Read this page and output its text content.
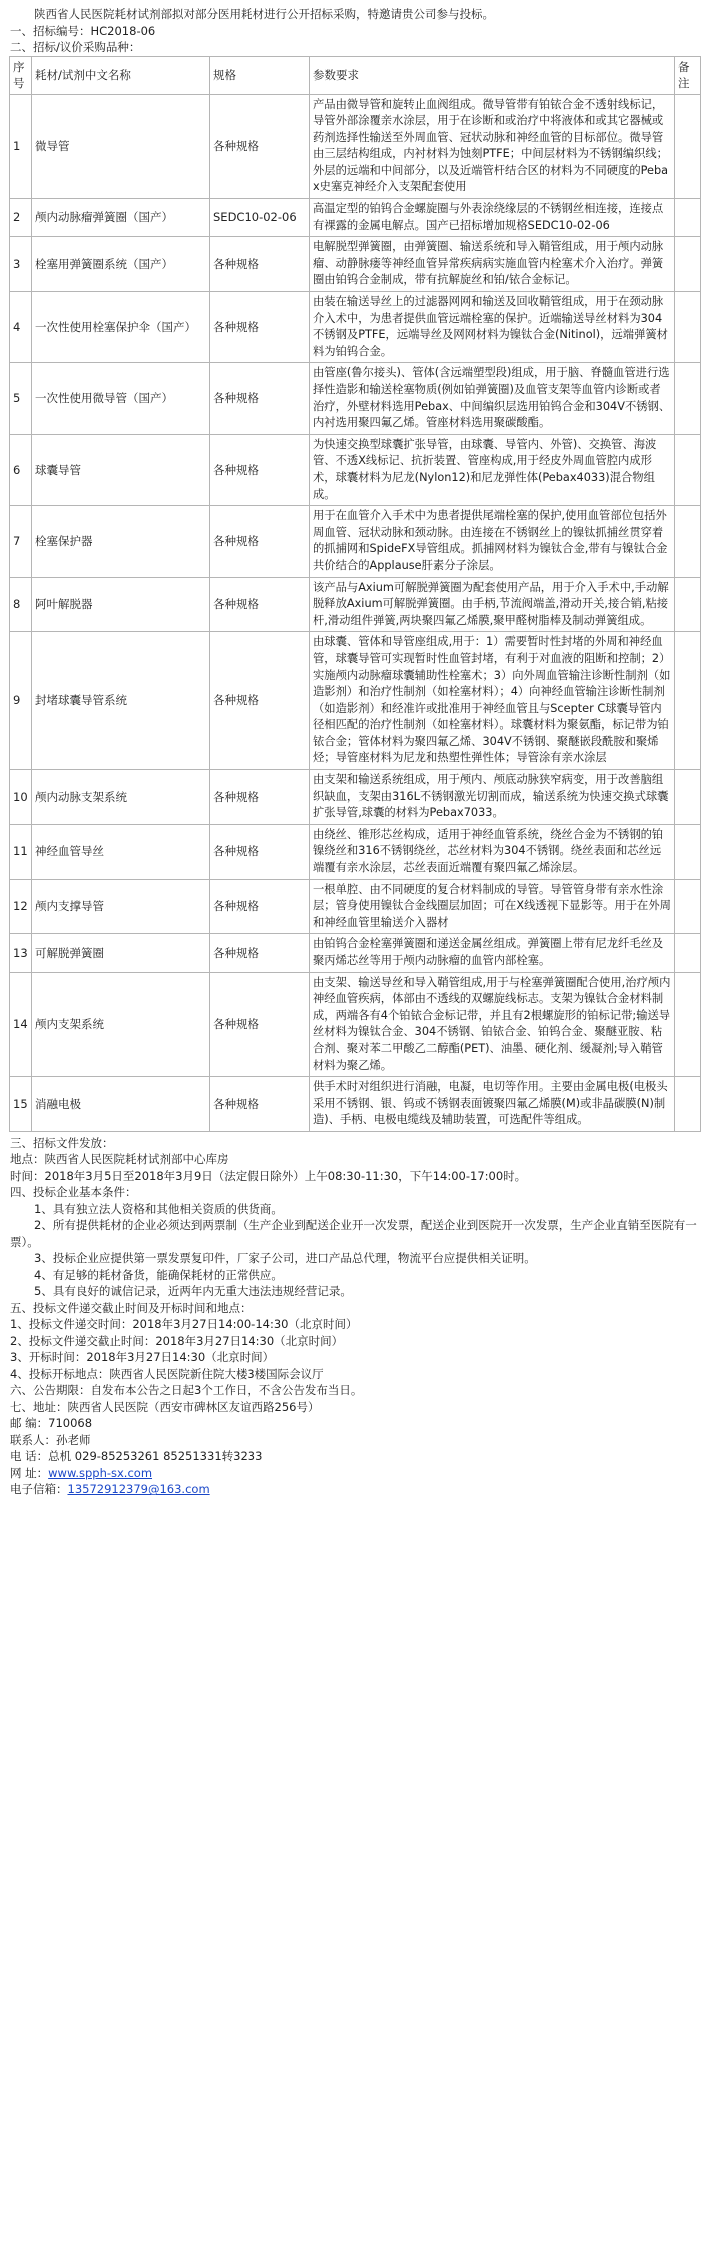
陕西省人民医院耗材试剂部拟对部分医用耗材进行公开招标采购，特邀请贵公司参与投标。
一、招标编号：HC2018-06
二、招标/议价采购品种：
序号	耗材/试剂中文名称	规格	参数要求	备注
1	微导管	各种规格	产品由微导管和旋转止血阀组成。微导管带有铂铱合金不透射线标记，导管外部涂覆亲水涂层，用于在诊断和或治疗中将液体和或其它器械或药剂选择性输送至外周血管、冠状动脉和神经血管的目标部位。微导管由三层结构组成，内衬材料为蚀刻PTFE；中间层材料为不锈钢编织线；外层的远端和中间部分，以及近端管杆结合区的材料为不同硬度的Pebax史塞克神经介入支架配套使用	
2	颅内动脉瘤弹簧圈（国产）	SEDC10-02-06	高温定型的铂钨合金螺旋圈与外表涂绕缘层的不锈钢丝相连接，连接点有裸露的金属电解点。国产已招标增加规格SEDC10-02-06	
3	栓塞用弹簧圈系统（国产）	各种规格	电解脱型弹簧圈，由弹簧圈、输送系统和导入鞘管组成，用于颅内动脉瘤、动静脉瘘等神经血管异常疾病病实施血管内栓塞术介入治疗。弹簧圈由铂钨合金制成，带有抗解旋丝和铂/铱合金标记。	
4	一次性使用栓塞保护伞（国产）	各种规格	由装在输送导丝上的过滤器网网和输送及回收鞘管组成，用于在颈动脉介入术中，为患者提供血管远端栓塞的保护。近端输送导丝材料为304不锈钢及PTFE，远端导丝及网网材料为镍钛合金(Nitinol)，远端弹簧材料为铂钨合金。	
5	一次性使用微导管（国产）	各种规格	由管座(鲁尔接头)、管体(含远端塑型段)组成，用于脑、脊髓血管进行选择性造影和输送栓塞物质(例如铂弹簧圈)及血管支架等血管内诊断或者治疗，外壁材料选用Pebax、中间编织层选用铂钨合金和304V不锈钢、内衬选用聚四氟乙烯。管座材料选用聚碳酸酯。	
6	球囊导管	各种规格	为快速交换型球囊扩张导管，由球囊、导管内、外管)、交换管、海波管、不透X线标记、抗折装置、管座构成,用于经皮外周血管腔内成形术，球囊材料为尼龙(Nylon12)和尼龙弹性体(Pebax4033)混合物组成。	
7	栓塞保护器	各种规格	用于在血管介入手术中为患者提供尾端栓塞的保护,使用血管部位包括外周血管、冠状动脉和颈动脉。由连接在不锈钢丝上的镍钛抓捕丝贯穿着的抓捕网和SpideFX导管组成。抓捕网材料为镍钛合金,带有与镍钛合金共价结合的Applause肝素分子涂层。	
8	阿叶解脱器	各种规格	该产品与Axium可解脱弹簧圈为配套使用产品，用于介入手术中,手动解脱释放Axium可解脱弹簧圈。由手柄,节流阀端盖,滑动开关,接合销,粘接杆,滑动组件弹簧,两块聚四氟乙烯膜,聚甲醛树脂棒及制动弹簧组成。	
9	封堵球囊导管系统	各种规格	由球囊、管体和导管座组成,用于：1）需要暂时性封堵的外周和神经血管，球囊导管可实现暂时性血管封堵，有利于对血液的阻断和控制；2）实施颅内动脉瘤球囊辅助性栓塞术；3）向外周血管输注诊断性制剂（如造影剂）和治疗性制剂（如栓塞材料）；4）向神经血管输注诊断性制剂（如造影剂）和经准许或批准用于神经血管且与Scepter C球囊导管内径相匹配的治疗性制剂（如栓塞材料）。球囊材料为聚氨酯，标记带为铂铱合金；管体材料为聚四氟乙烯、304V不锈钢、聚醚嵌段酰胺和聚烯烃；导管座材料为尼龙和热塑性弹性体；导管涂有亲水涂层	
10	颅内动脉支架系统	各种规格	由支架和输送系统组成，用于颅内、颅底动脉狭窄病变，用于改善脑组织缺血，支架由316L不锈钢激光切割而成，输送系统为快速交换式球囊扩张导管,球囊的材料为Pebax7033。	
11	神经血管导丝	各种规格	由绕丝、锥形芯丝构成，适用于神经血管系统，绕丝合金为不锈钢的铂镍绕丝和316不锈钢绕丝，芯丝材料为304不锈钢。绕丝表面和芯丝远端覆有亲水涂层，芯丝表面近端覆有聚四氟乙烯涂层。	
12	颅内支撑导管	各种规格	一根单腔、由不同硬度的复合材料制成的导管。导管管身带有亲水性涂层；管身使用镍钛合金线圈层加固；可在X线透视下显影等。用于在外周和神经血管里输送介入器材	
13	可解脱弹簧圈	各种规格	由铂钨合金栓塞弹簧圈和递送金属丝组成。弹簧圈上带有尼龙纤毛丝及聚丙烯芯丝等用于颅内动脉瘤的血管内部栓塞。	
14	颅内支架系统	各种规格	由支架、输送导丝和导入鞘管组成,用于与栓塞弹簧圈配合使用,治疗颅内神经血管疾病，体部由不透线的双螺旋线标志。支架为镍钛合金材料制成，两端各有4个铂铱合金标记带，并且有2根螺旋形的铂标记带;输送导丝材料为镍钛合金、304不锈钢、铂铱合金、铂钨合金、聚醚亚胺、粘合剂、聚对苯二甲酸乙二醇酯(PET)、油墨、硬化剂、缓凝剂;导入鞘管材料为聚乙烯。	
15	消融电极	各种规格	供手术时对组织进行消融，电凝，电切等作用。主要由金属电极(电极头采用不锈钢、银、钨或不锈钢表面镀聚四氟乙烯膜(M)或非晶碳膜(N)制造)、手柄、电极电缆线及辅助装置，可选配件等组成。	
三、招标文件发放：
地点：陕西省人民医院耗材试剂部中心库房
时间：2018年3月5日至2018年3月9日（法定假日除外）上午08:30-11:30，下午14:00-17:00时。
四、投标企业基本条件：
1、具有独立法人资格和其他相关资质的供货商。
2、所有提供耗材的企业必须达到两票制（生产企业到配送企业开一次发票，配送企业到医院开一次发票，生产企业直销至医院有一票）。
3、投标企业应提供第一票发票复印件，厂家子公司，进口产品总代理，物流平台应提供相关证明。
4、有足够的耗材备货，能确保耗材的正常供应。
5、具有良好的诚信记录，近两年内无重大违法违规经营记录。
五、投标文件递交截止时间及开标时间和地点：
1、投标文件递交时间：2018年3月27日14:00-14:30（北京时间）
2、投标文件递交截止时间：2018年3月27日14:30（北京时间）
3、开标时间：2018年3月27日14:30（北京时间）
4、投标开标地点：陕西省人民医院新住院大楼3楼国际会议厅
六、公告期限：自发布本公告之日起3个工作日，不含公告发布当日。
七、地址：陕西省人民医院（西安市碑林区友谊西路256号）
邮 编：710068
联系人：孙老师
电 话：总机 029-85253261 85251331转3233
网 址：www.spph-sx.com
电子信箱：13572912379@163.com
